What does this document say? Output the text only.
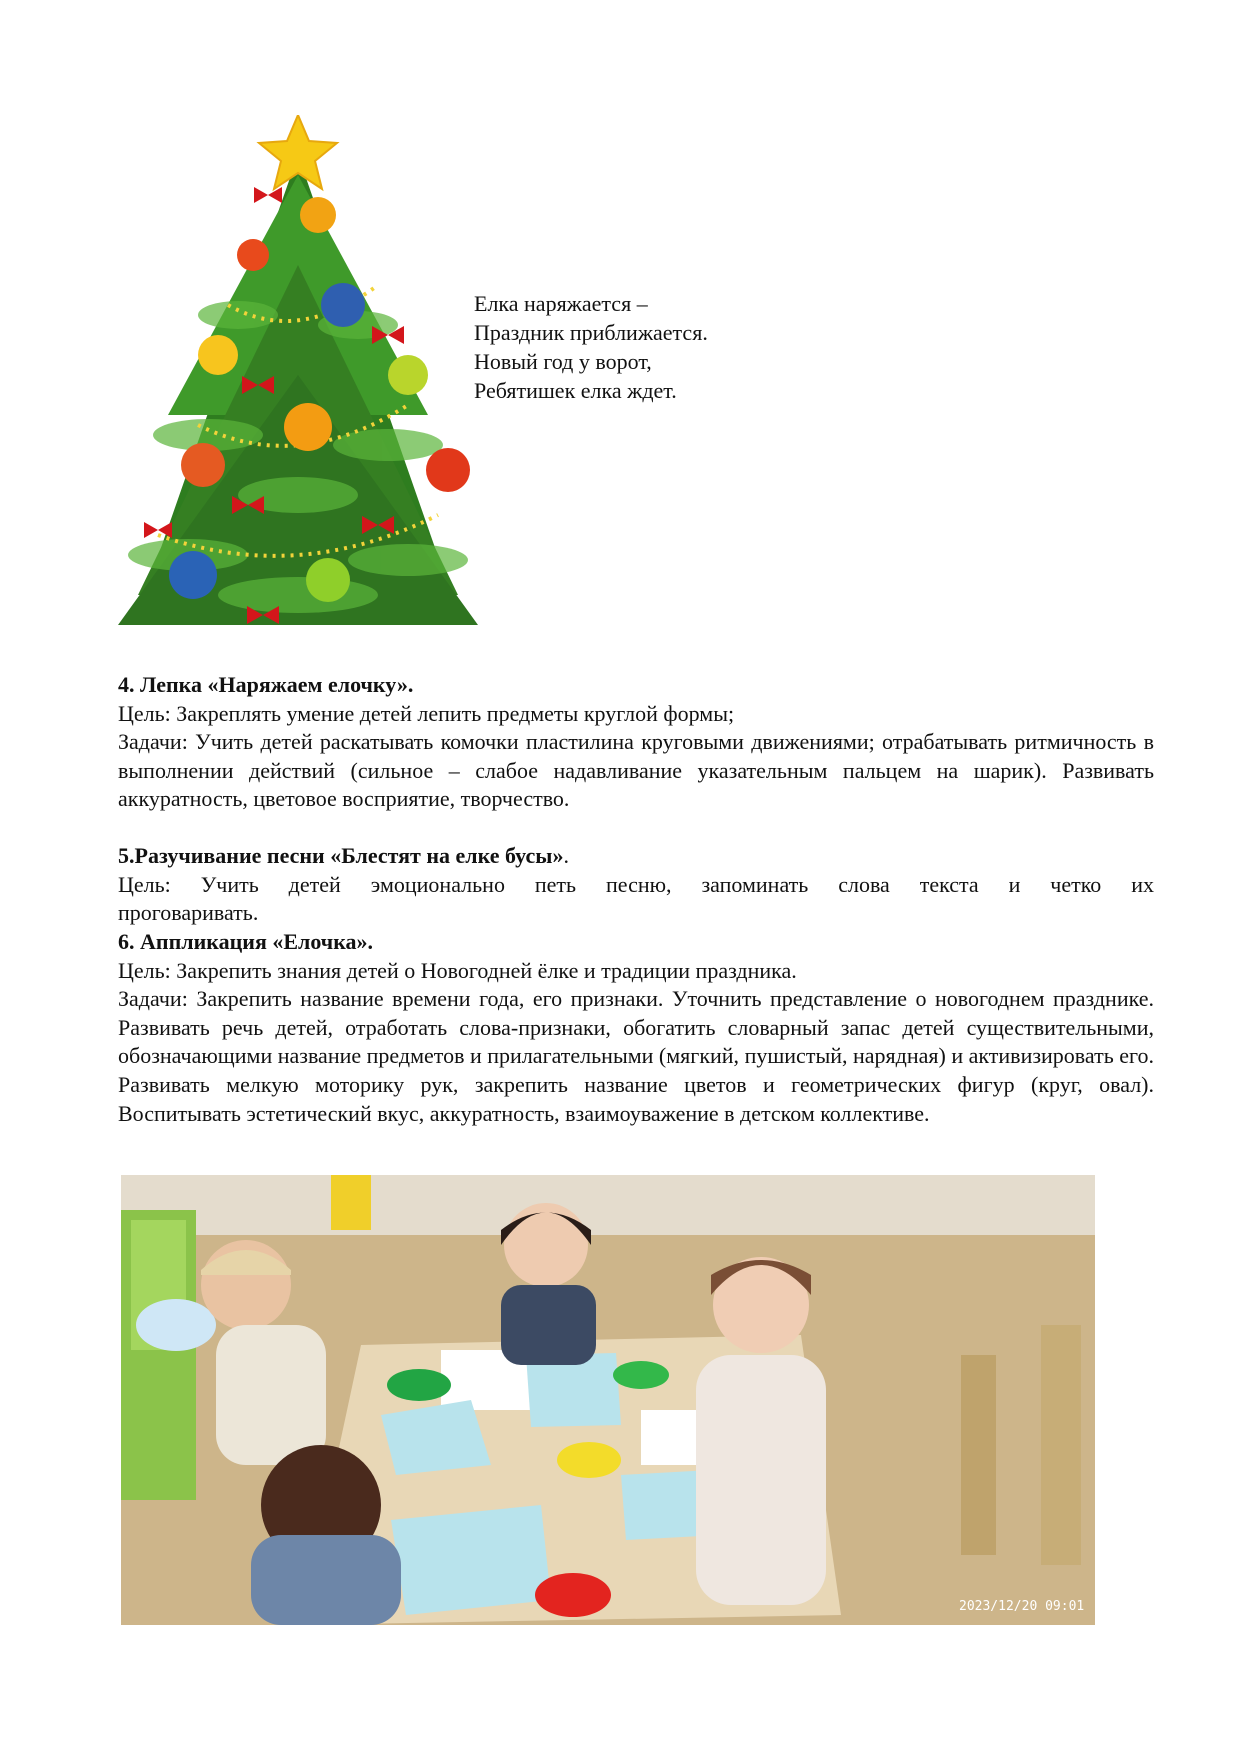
Елка наряжается –
Праздник приближается.
Новый год у ворот,
Ребятишек елка ждет.
4. Лепка «Наряжаем елочку».
Цель: Закреплять умение детей лепить предметы круглой формы;
Задачи: Учить детей раскатывать комочки пластилина круговыми движениями; отрабатывать ритмичность в выполнении действий (сильное – слабое надавливание указательным пальцем на шарик). Развивать аккуратность, цветовое восприятие, творчество.
5.Разучивание песни «Блестят на елке бусы».
Цель: Учить детей эмоционально петь песню, запоминать слова текста и четко их
проговаривать.
6. Аппликация «Елочка».
Цель: Закрепить знания детей о Новогодней ёлке и традиции праздника.
Задачи: Закрепить название времени года, его признаки. Уточнить представление о новогоднем празднике. Развивать речь детей, отработать слова-признаки, обогатить словарный запас детей существительными, обозначающими название предметов и прилагательными (мягкий, пушистый, нарядная) и активизировать его. Развивать мелкую моторику рук, закрепить название цветов и геометрических фигур (круг, овал). Воспитывать эстетический вкус, аккуратность, взаимоуважение в детском коллективе.
2023/12/20 09:01
